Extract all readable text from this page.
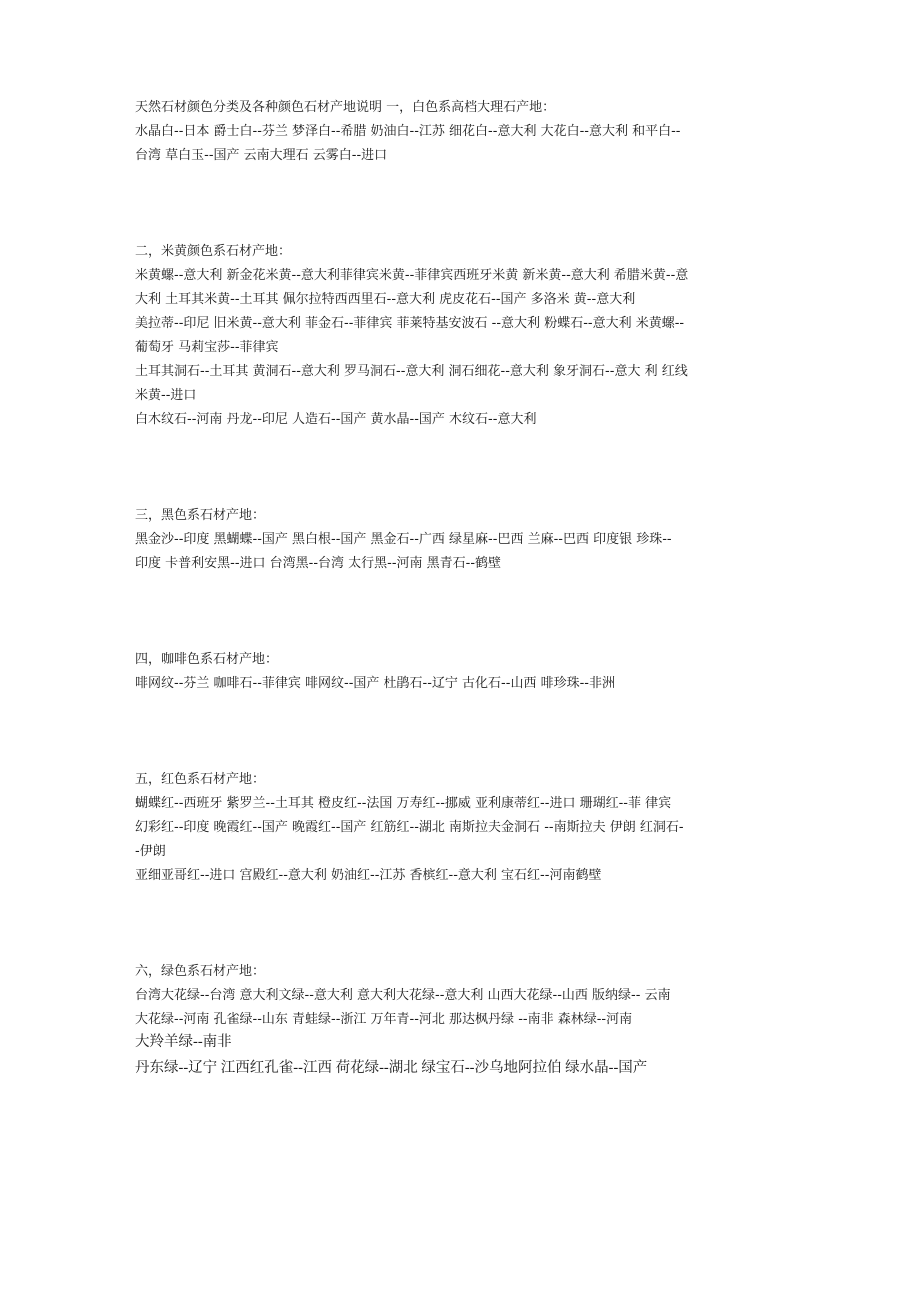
天然石材颜色分类及各种颜色石材产地说明 一，白色系高档大理石产地：
水晶白--日本 爵士白--芬兰 梦泽白--希腊 奶油白--江苏 细花白--意大利 大花白--意大利 和平白--
台湾 草白玉--国产 云南大理石 云雾白--进口
二，米黄颜色系石材产地：
米黄螺--意大利 新金花米黄--意大利菲律宾米黄--菲律宾西班牙米黄 新米黄--意大利 希腊米黄--意
大利 土耳其米黄--土耳其 佩尔拉特西西里石--意大利 虎皮花石--国产 多洛米 黄--意大利
美拉蒂--印尼 旧米黄--意大利 菲金石--菲律宾 菲莱特基安波石 --意大利 粉蝶石--意大利 米黄螺--
葡萄牙 马莉宝莎--菲律宾
土耳其洞石--土耳其 黄洞石--意大利 罗马洞石--意大利 洞石细花--意大利 象牙洞石--意大 利 红线
米黄--进口
白木纹石--河南 丹龙--印尼 人造石--国产 黄水晶--国产 木纹石--意大利
三，黑色系石材产地：
黑金沙--印度 黑蝴蝶--国产 黑白根--国产 黑金石--广西 绿星麻--巴西 兰麻--巴西 印度银 珍珠--
印度 卡普利安黑--进口 台湾黑--台湾 太行黑--河南 黑青石--鹤壁
四，咖啡色系石材产地：
啡网纹--芬兰 咖啡石--菲律宾 啡网纹--国产 杜鹃石--辽宁 古化石--山西 啡珍珠--非洲
五，红色系石材产地：
蝴蝶红--西班牙 紫罗兰--土耳其 橙皮红--法国 万寿红--挪威 亚利康蒂红--进口 珊瑚红--菲 律宾
幻彩红--印度 晚霞红--国产 晚霞红--国产 红筋红--湖北 南斯拉夫金洞石 --南斯拉夫 伊朗 红洞石-
-伊朗
亚细亚哥红--进口 宫殿红--意大利 奶油红--江苏 香槟红--意大利 宝石红--河南鹤壁
六，绿色系石材产地：
台湾大花绿--台湾 意大利文绿--意大利 意大利大花绿--意大利 山西大花绿--山西 版纳绿-- 云南
大花绿--河南 孔雀绿--山东 青蛙绿--浙江 万年青--河北 那达枫丹绿 --南非 森林绿--河南
大羚羊绿--南非
丹东绿--辽宁 江西红孔雀--江西 荷花绿--湖北 绿宝石--沙乌地阿拉伯 绿水晶--国产
